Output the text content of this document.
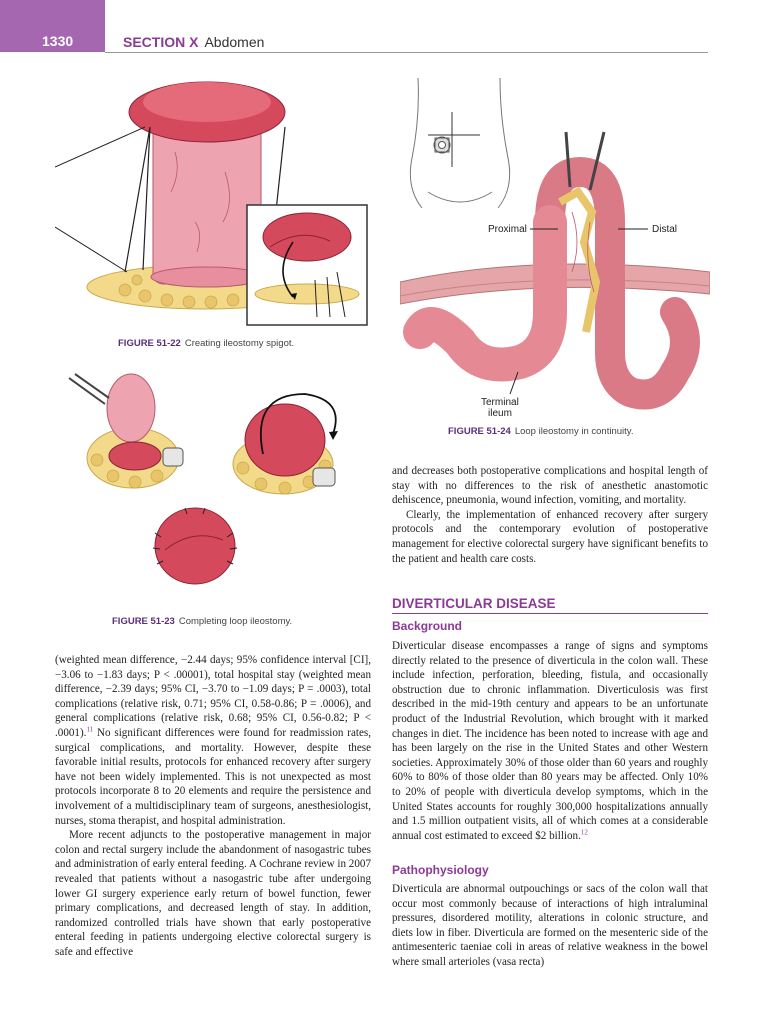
1330	SECTION X Abdomen
FIGURE 51-22 Creating ileostomy spigot.
FIGURE 51-23 Completing loop ileostomy.
Proximal	Distal
Terminal
ileum
FIGURE 51-24 Loop ileostomy in continuity.

(weighted mean difference, −2.44 days; 95% confidence interval [CI], −3.06 to −1.83 days; P < .00001), total hospital stay (weighted mean difference, −2.39 days; 95% CI, −3.70 to −1.09 days; P = .0003), total complications (relative risk, 0.71; 95% CI, 0.58-0.86; P = .0006), and general complications (relative risk, 0.68; 95% CI, 0.56-0.82; P < .0001).$^{11}$ No significant differences were found for readmission rates, surgical complications, and mortality. However, despite these favorable initial results, protocols for enhanced recovery after surgery have not been widely implemented. This is not unexpected as most protocols incorporate 8 to 20 elements and require the persistence and involvement of a multidisciplinary team of surgeons, anesthesiologist, nurses, stoma therapist, and hospital administration.

More recent adjuncts to the postoperative management in major colon and rectal surgery include the abandonment of nasogastric tubes and administration of early enteral feeding. A Cochrane review in 2007 revealed that patients without a nasogastric tube after undergoing lower GI surgery experience early return of bowel function, fewer primary complications, and decreased length of stay. In addition, randomized controlled trials have shown that early postoperative enteral feeding in patients undergoing elective colorectal surgery is safe and effective

and decreases both postoperative complications and hospital length of stay with no differences to the risk of anesthetic anastomotic dehiscence, pneumonia, wound infection, vomiting, and mortality.

Clearly, the implementation of enhanced recovery after surgery protocols and the contemporary evolution of postoperative management for elective colorectal surgery have significant benefits to the patient and health care costs.

DIVERTICULAR DISEASE
Background

Diverticular disease encompasses a range of signs and symptoms directly related to the presence of diverticula in the colon wall. These include infection, perforation, bleeding, fistula, and occasionally obstruction due to chronic inflammation. Diverticulosis was first described in the mid-19th century and appears to be an unfortunate product of the Industrial Revolution, which brought with it marked changes in diet. The incidence has been noted to increase with age and has been largely on the rise in the United States and other Western societies. Approximately 30% of those older than 60 years and roughly 60% to 80% of those older than 80 years may be affected. Only 10% to 20% of people with diverticula develop symptoms, which in the United States accounts for roughly 300,000 hospitalizations annually and 1.5 million outpatient visits, all of which comes at a considerable annual cost estimated to exceed $2 billion.$^{12}$

Pathophysiology

Diverticula are abnormal outpouchings or sacs of the colon wall that occur most commonly because of interactions of high intraluminal pressures, disordered motility, alterations in colonic structure, and diets low in fiber. Diverticula are formed on the mesenteric side of the antimesenteric taeniae coli in areas of relative weakness in the bowel where small arterioles (vasa recta)
